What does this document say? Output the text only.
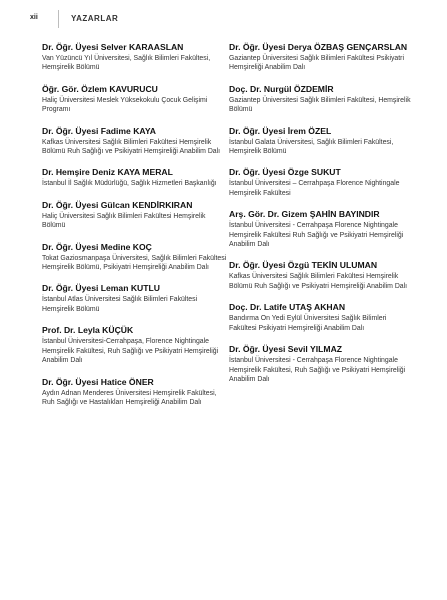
xii	YAZARLAR
Dr. Öğr. Üyesi Selver KARAASLAN
Van Yüzüncü Yıl Üniversitesi, Sağlık Bilimleri Fakültesi, Hemşirelik Bölümü
Öğr. Gör. Özlem KAVURUCU
Haliç Üniversitesi Meslek Yüksekokulu Çocuk Gelişimi Programı
Dr. Öğr. Üyesi Fadime KAYA
Kafkas Üniversitesi Sağlık Bilimleri Fakültesi Hemşirelik Bölümü Ruh Sağlığı ve Psikiyatri Hemşireliği Anabilim Dalı
Dr. Hemşire Deniz KAYA MERAL
İstanbul İl Sağlık Müdürlüğü, Sağlık Hizmetleri Başkanlığı
Dr. Öğr. Üyesi Gülcan KENDİRKIRAN
Haliç Üniversitesi Sağlık Bilimleri Fakültesi Hemşirelik Bölümü
Dr. Öğr. Üyesi Medine KOÇ
Tokat Gaziosmanpaşa Üniversitesi, Sağlık Bilimleri Fakültesi Hemşirelik Bölümü, Psikiyatri Hemşireliği Anabilim Dalı
Dr. Öğr. Üyesi Leman KUTLU
İstanbul Atlas Üniversitesi Sağlık Bilimleri Fakültesi Hemşirelik Bölümü
Prof. Dr. Leyla KÜÇÜK
İstanbul Üniversitesi-Cerrahpaşa, Florence Nightingale Hemşirelik Fakültesi, Ruh Sağlığı ve Psikiyatri Hemşireliği Anabilim Dalı
Dr. Öğr. Üyesi Hatice ÖNER
Aydın Adnan Menderes Üniversitesi Hemşirelik Fakültesi, Ruh Sağlığı ve Hastalıkları Hemşireliği Anabilim Dalı
Dr. Öğr. Üyesi Derya ÖZBAŞ GENÇARSLAN
Gaziantep Üniversitesi Sağlık Bilimleri Fakültesi Psikiyatri Hemşireliği Anabilim Dalı
Doç. Dr. Nurgül ÖZDEMİR
Gaziantep Üniversitesi Sağlık Bilimleri Fakültesi, Hemşirelik Bölümü
Dr. Öğr. Üyesi İrem ÖZEL
İstanbul Galata Üniversitesi, Sağlık Bilimleri Fakültesi, Hemşirelik Bölümü
Dr. Öğr. Üyesi Özge SUKUT
İstanbul Üniversitesi – Cerrahpaşa Florence Nightingale Hemşirelik Fakültesi
Arş. Gör. Dr. Gizem ŞAHİN BAYINDIR
İstanbul Üniversitesi - Cerrahpaşa Florence Nightingale Hemşirelik Fakültesi Ruh Sağlığı ve Psikiyatri Hemşireliği Anabilim Dalı
Dr. Öğr. Üyesi Özgü TEKİN ULUMAN
Kafkas Üniversitesi Sağlık Bilimleri Fakültesi Hemşirelik Bölümü Ruh Sağlığı ve Psikiyatri Hemşireliği Anabilim Dalı
Doç. Dr. Latife UTAŞ AKHAN
Bandırma On Yedi Eylül Üniversitesi Sağlık Bilimleri Fakültesi Psikiyatri Hemşireliği Anabilim Dalı
Dr. Öğr. Üyesi Sevil YILMAZ
İstanbul Üniversitesi - Cerrahpaşa Florence Nightingale Hemşirelik Fakültesi, Ruh Sağlığı ve Psikiyatri Hemşireliği Anabilim Dalı
